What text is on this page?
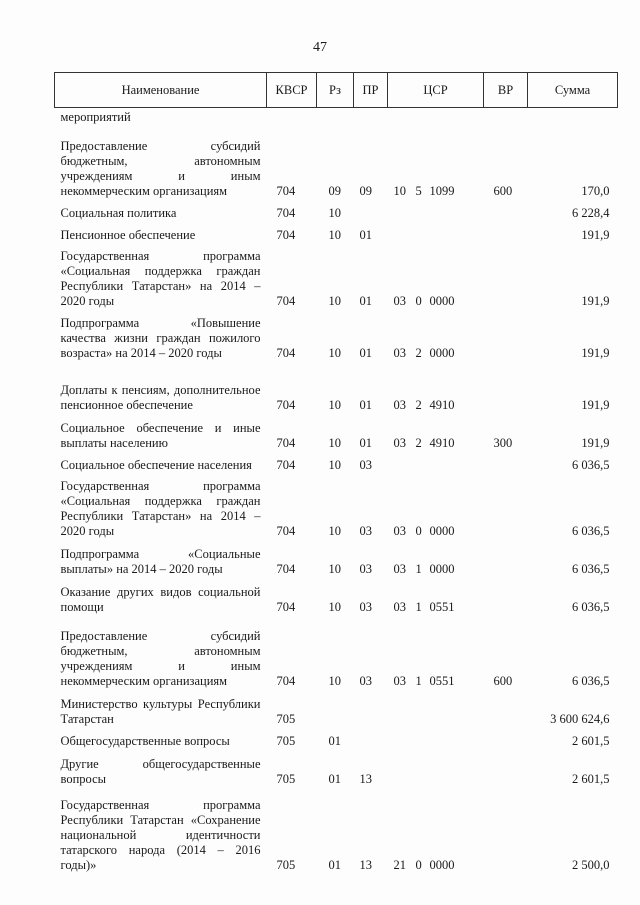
47
Наименование	КВСР	Рз	ПР	ЦСР			ВР	Сумма
мероприятий								
Предоставление субсидий бюджетным, автономным учреждениям и иным некоммерческим организациям	704	09	09	10	5	1099	600	170,0
Социальная политика	704	10						6 228,4
Пенсионное обеспечение	704	10	01					191,9
Государственная программа «Социальная поддержка граждан Республики Татарстан» на 2014 – 2020 годы	704	10	01	03	0	0000		191,9
Подпрограмма «Повышение качества жизни граждан пожилого возраста» на 2014 – 2020 годы	704	10	01	03	2	0000		191,9
Доплаты к пенсиям, дополнительное пенсионное обеспечение	704	10	01	03	2	4910		191,9
Социальное обеспечение и иные выплаты населению	704	10	01	03	2	4910	300	191,9
Социальное обеспечение населения	704	10	03					6 036,5
Государственная программа «Социальная поддержка граждан Республики Татарстан» на 2014 – 2020 годы	704	10	03	03	0	0000		6 036,5
Подпрограмма «Социальные выплаты» на 2014 – 2020 годы	704	10	03	03	1	0000		6 036,5
Оказание других видов социальной помощи	704	10	03	03	1	0551		6 036,5
Предоставление субсидий бюджетным, автономным учреждениям и иным некоммерческим организациям	704	10	03	03	1	0551	600	6 036,5
Министерство культуры Республики Татарстан	705							3 600 624,6
Общегосударственные вопросы	705	01						2 601,5
Другие общегосударственные вопросы	705	01	13					2 601,5
Государственная программа Республики Татарстан «Сохранение национальной идентичности татарского народа (2014 – 2016 годы)»	705	01	13	21	0	0000		2 500,0
